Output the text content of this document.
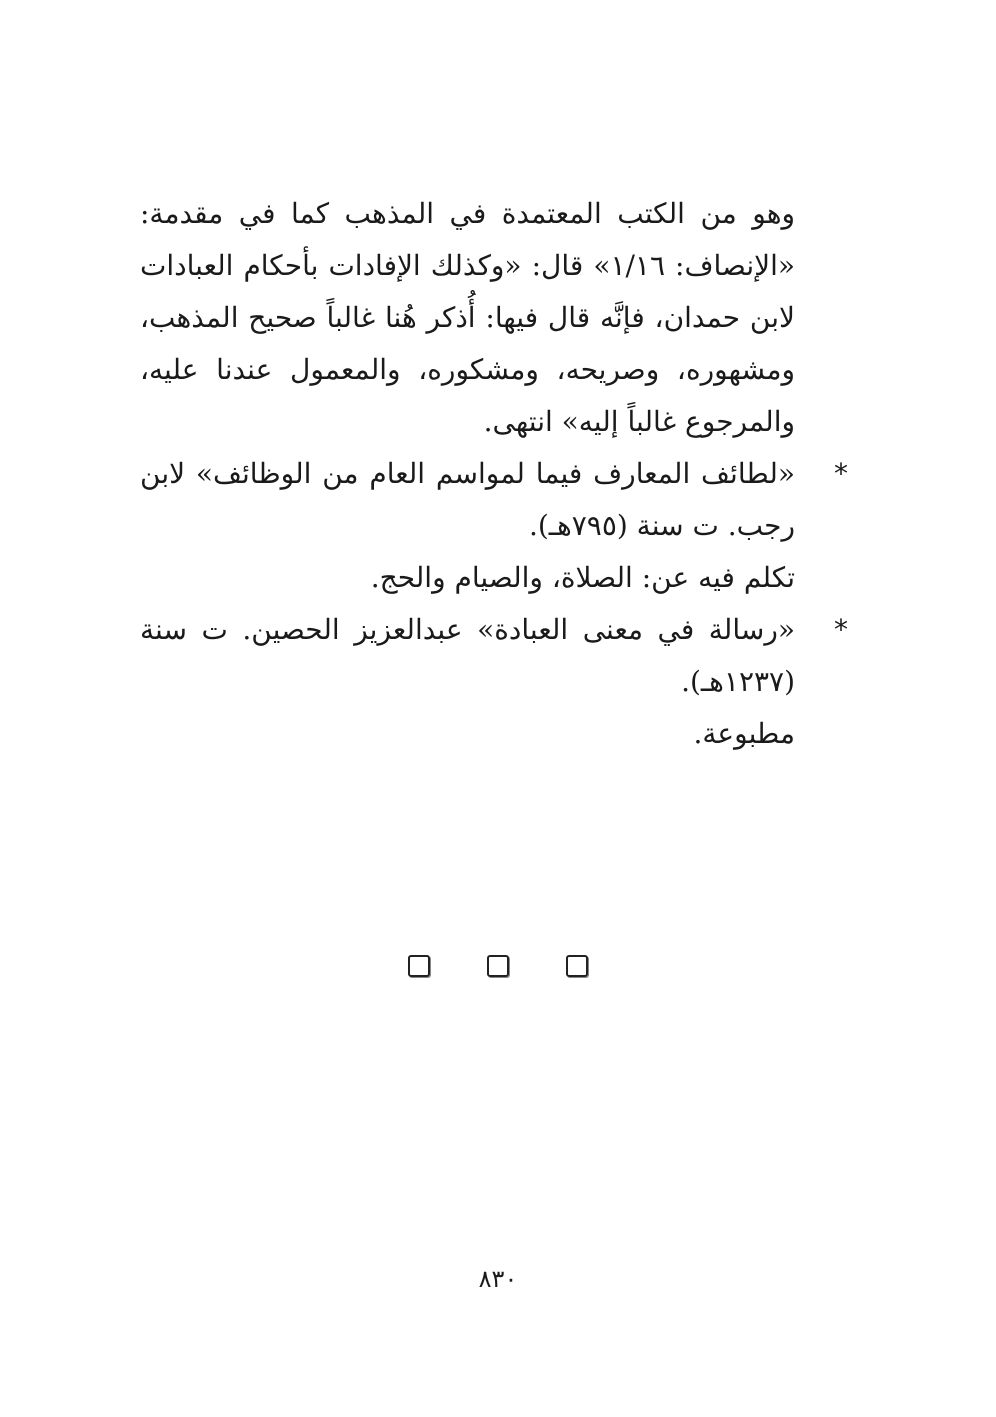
وهو من الكتب المعتمدة في المذهب كما في مقدمة: «الإنصاف: ١/١٦» قال: «وكذلك الإفادات بأحكام العبادات لابن حمدان، فإنَّه قال فيها: أُذكر هُنا غالباً صحيح المذهب، ومشهوره، وصريحه، ومشكوره، والمعمول عندنا عليه، والمرجوع غالباً إليه» انتهى.

*

«لطائف المعارف فيما لمواسم العام من الوظائف» لابن رجب. ت سنة (٧٩٥هـ).

تكلم فيه عن: الصلاة، والصيام والحج.

*

«رسالة في معنى العبادة» عبدالعزيز الحصين. ت سنة (١٢٣٧هـ).

مطبوعة.

٨٣٠
